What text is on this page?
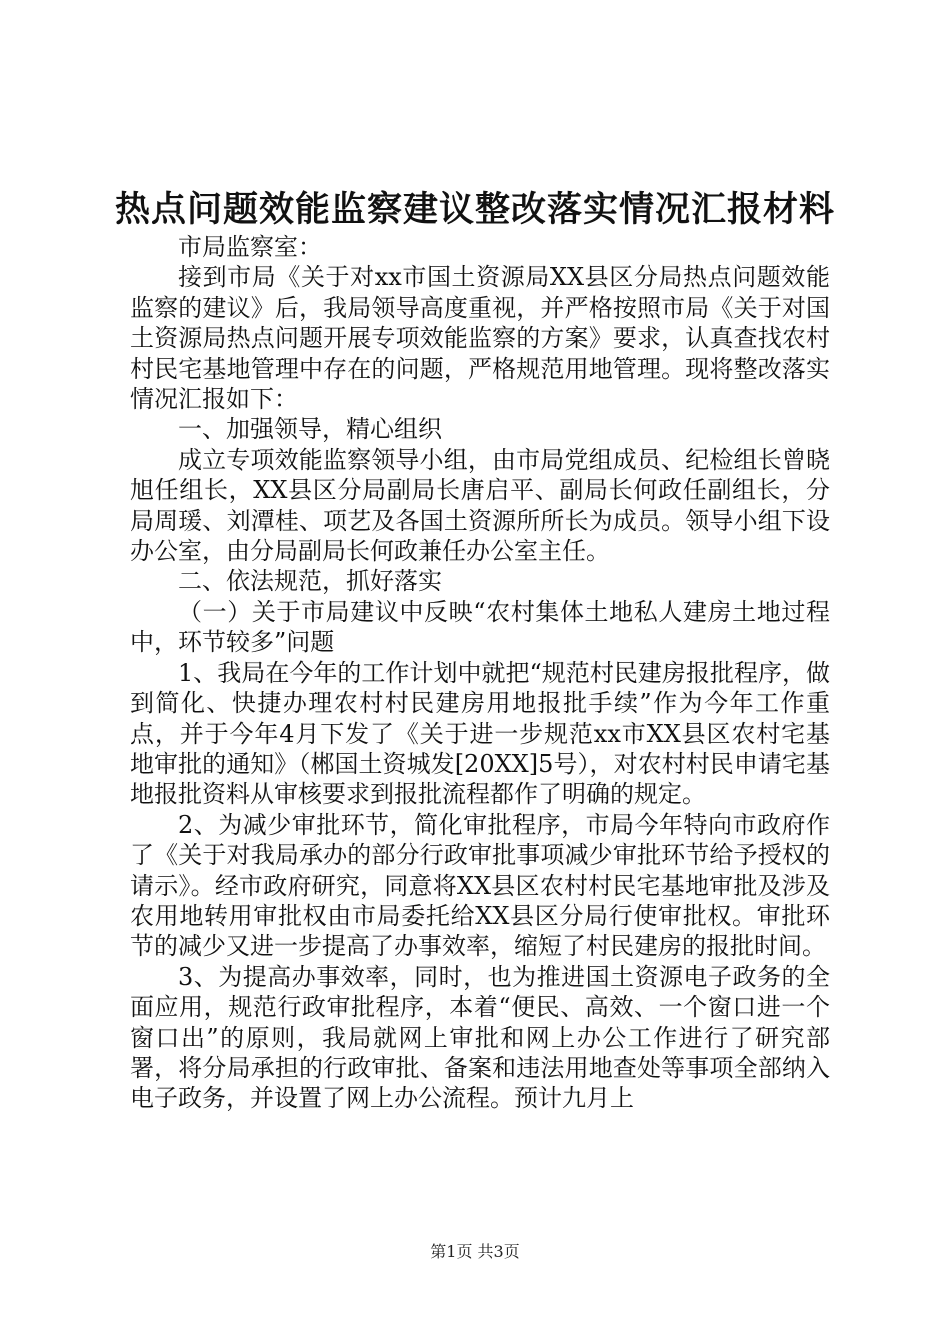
热点问题效能监察建议整改落实情况汇报材料

市局监察室：

接到市局《关于对xx市国土资源局XX县区分局热点问题效能监察的建议》后，我局领导高度重视，并严格按照市局《关于对国土资源局热点问题开展专项效能监察的方案》要求，认真查找农村村民宅基地管理中存在的问题，严格规范用地管理。现将整改落实情况汇报如下：

一、加强领导，精心组织

成立专项效能监察领导小组，由市局党组成员、纪检组长曾晓旭任组长，XX县区分局副局长唐启平、副局长何政任副组长，分局周瑗、刘潭桂、项艺及各国土资源所所长为成员。领导小组下设办公室，由分局副局长何政兼任办公室主任。

二、依法规范，抓好落实

（一）关于市局建议中反映“农村集体土地私人建房土地过程中，环节较多”问题

1、我局在今年的工作计划中就把“规范村民建房报批程序，做到简化、快捷办理农村村民建房用地报批手续”作为今年工作重点，并于今年4月下发了《关于进一步规范xx市XX县区农村宅基地审批的通知》（郴国土资城发[20XX]5号），对农村村民申请宅基地报批资料从审核要求到报批流程都作了明确的规定。

2、为减少审批环节，简化审批程序，市局今年特向市政府作了《关于对我局承办的部分行政审批事项减少审批环节给予授权的请示》。经市政府研究，同意将XX县区农村村民宅基地审批及涉及农用地转用审批权由市局委托给XX县区分局行使审批权。审批环节的减少又进一步提高了办事效率，缩短了村民建房的报批时间。

3、为提高办事效率，同时，也为推进国土资源电子政务的全面应用，规范行政审批程序，本着“便民、高效、一个窗口进一个窗口出”的原则，我局就网上审批和网上办公工作进行了研究部署，将分局承担的行政审批、备案和违法用地查处等事项全部纳入电子政务，并设置了网上办公流程。预计九月上

第1页 共3页
